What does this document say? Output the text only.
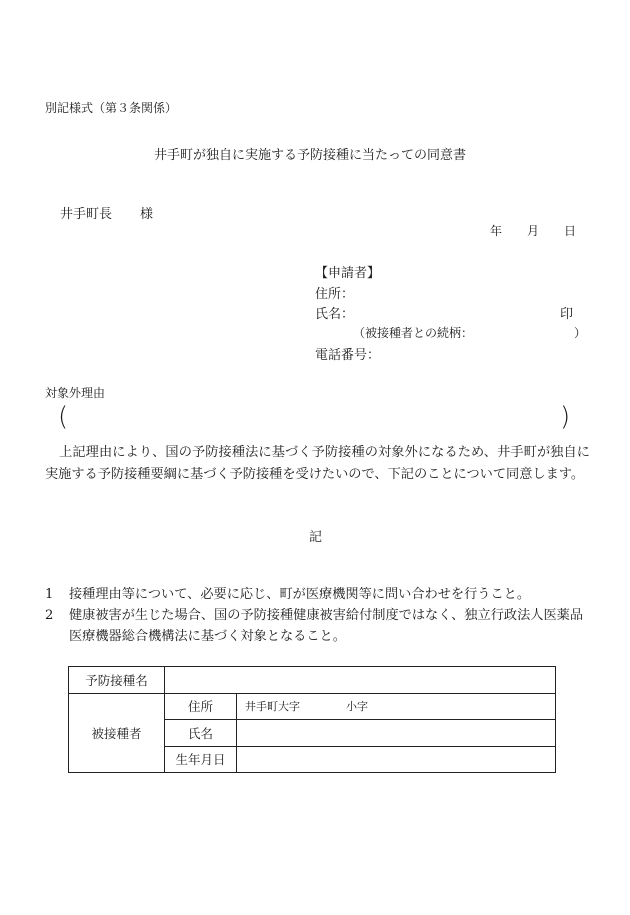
別記様式（第３条関係）
井手町が独自に実施する予防接種に当たっての同意書
井手町長 様
年 月 日
【申請者】
住所：
氏名：	印
（被接種者との続柄：	）
電話番号：
対象外理由
(	)
上記理由により、国の予防接種法に基づく予防接種の対象外になるため、井手町が独自に実施する予防接種要綱に基づく予防接種を受けたいので、下記のことについて同意します。
記
1 接種理由等について、必要に応じ、町が医療機関等に問い合わせを行うこと。
2 健康被害が生じた場合、国の予防接種健康被害給付制度ではなく、独立行政法人医薬品医療機器総合機構法に基づく対象となること。
予防接種名		
被接種者	住所	井手町大字 小字
	氏名	
	生年月日	
